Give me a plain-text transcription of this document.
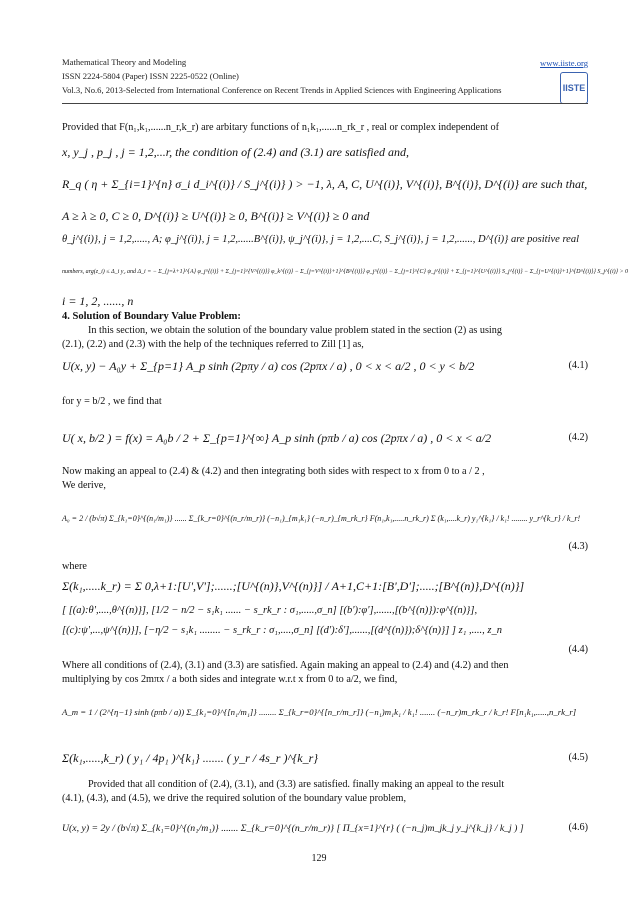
Mathematical Theory and Modeling
ISSN 2224-5804 (Paper) ISSN 2225-0522 (Online)
Vol.3, No.6, 2013-Selected from International Conference on Recent Trends in Applied Sciences with Engineering Applications
www.iiste.org
IISTE
Provided that F(n₁,k₁,......n_r,k_r) are arbitary functions of n₁k₁,......n_rk_r , real or complex independent of
x, y_j , p_j , j = 1,2,...r, the condition of (2.4) and (3.1) are satisfied and,
R_q ( η + Σ_{i=1}^{n} σ_i d_i^{(i)} / S_j^{(i)} ) > −1, λ, A, C, U^{(i)}, V^{(i)}, B^{(i)}, D^{(i)} are such that,
A ≥ λ ≥ 0, C ≥ 0, D^{(i)} ≥ U^{(i)} ≥ 0, B^{(i)} ≥ V^{(i)} ≥ 0 and
θ_j^{(i)}, j = 1,2,....., A; φ_j^{(i)}, j = 1,2,......B^{(i)}, ψ_j^{(i)}, j = 1,2,....C, S_j^{(i)}, j = 1,2,......, D^{(i)} are positive real
numbers, arg(z_i) ≤ Δ_i y₂ and Δ_i = − Σ_{j=λ+1}^{A} φ_j^{(i)} + Σ_{j=1}^{V^{(i)}} φ_k^{(i)} − Σ_{j=V^{(i)}+1}^{B^{(i)}} φ_j^{(i)} − Σ_{j=1}^{C} ψ_j^{(i)} + Σ_{j=1}^{U^{(i)}} S_j^{(i)} − Σ_{j=U^{(i)}+1}^{D^{(i)}} S_j^{(i)} > 0
i = 1, 2, ......, n
4. Solution of Boundary Value Problem:
In this section, we obtain the solution of the boundary value problem stated in the section (2) as using
(2.1), (2.2) and (2.3) with the help of the techniques referred to Zill [1] as,
U(x, y) − A₀y + Σ_{p=1} A_p sinh (2pπy / a) cos (2pπx / a) , 0 < x < a/2 , 0 < y < b/2	(4.1)
for y = b/2 , we find that
U( x, b/2 ) = f(x) = A₀b / 2 + Σ_{p=1}^{∞} A_p sinh (pπb / a) cos (2pπx / a) , 0 < x < a/2	(4.2)
Now making an appeal to (2.4) & (4.2) and then integrating both sides with respect to x from 0 to a / 2 ,
We derive,
A₀ = 2 / (b√π) Σ_{k₁=0}^{(n₁/m₁)} ...... Σ_{k_r=0}^{(n_r/m_r)} (−n₁)_{m₁k₁} (−n_r)_{m_rk_r} F(n₁,k₁,.....n_rk_r) Σ (k₁,....k_r) y₁^{k₁} / k₁! ........ y_r^{k_r} / k_r!
(4.3)
where
Σ(k₁,.....k_r) = Σ 0,λ+1:[U',V'];......;[U^{(n)},V^{(n)}] / A+1,C+1:[B',D'];.....;[B^{(n)},D^{(n)}]
[ [(a):θ',....,θ^{(n)}], [1/2 − n/2 − s₁k₁ ...... − s_rk_r : σ₁,.....,σ_n] [(b'):φ'],......,[(b^{(n)}):φ^{(n)}],
[(c):ψ',...,ψ^{(n)}], [−η/2 − s₁k₁ ........ − s_rk_r : σ₁,....,σ_n] [(d'):δ'],......,[(d^{(n)});δ^{(n)}] ] z₁ ,...., z_n
(4.4)
Where all conditions of (2.4), (3.1) and (3.3) are satisfied. Again making an appeal to (2.4) and (4.2) and then
multiplying by cos 2mπx / a both sides and integrate w.r.t x from 0 to a/2, we find,
A_m = 1 / (2^{η−1} sinh (pπb / a)) Σ_{k₁=0}^{[n₁/m₁]} ........ Σ_{k_r=0}^{[n_r/m_r]} (−n₁)m₁k₁ / k₁! ....... (−n_r)m_rk_r / k_r! F[n₁k₁,.....,n_rk_r]
Σ(k₁,.....,k_r) ( y₁ / 4p₁ )^{k₁} ....... ( y_r / 4s_r )^{k_r}	(4.5)
Provided that all condition of (2.4), (3.1), and (3.3) are satisfied. finally making an appeal to the result
(4.1), (4.3), and (4.5), we drive the required solution of the boundary value problem,
U(x, y) = 2y / (b√π) Σ_{k₁=0}^{(n₁/m₁)} ....... Σ_{k_r=0}^{(n_r/m_r)} [ Π_{x=1}^{r} ( (−n_j)m_jk_j y_j^{k_j} / k_j ) ]	(4.6)
129
